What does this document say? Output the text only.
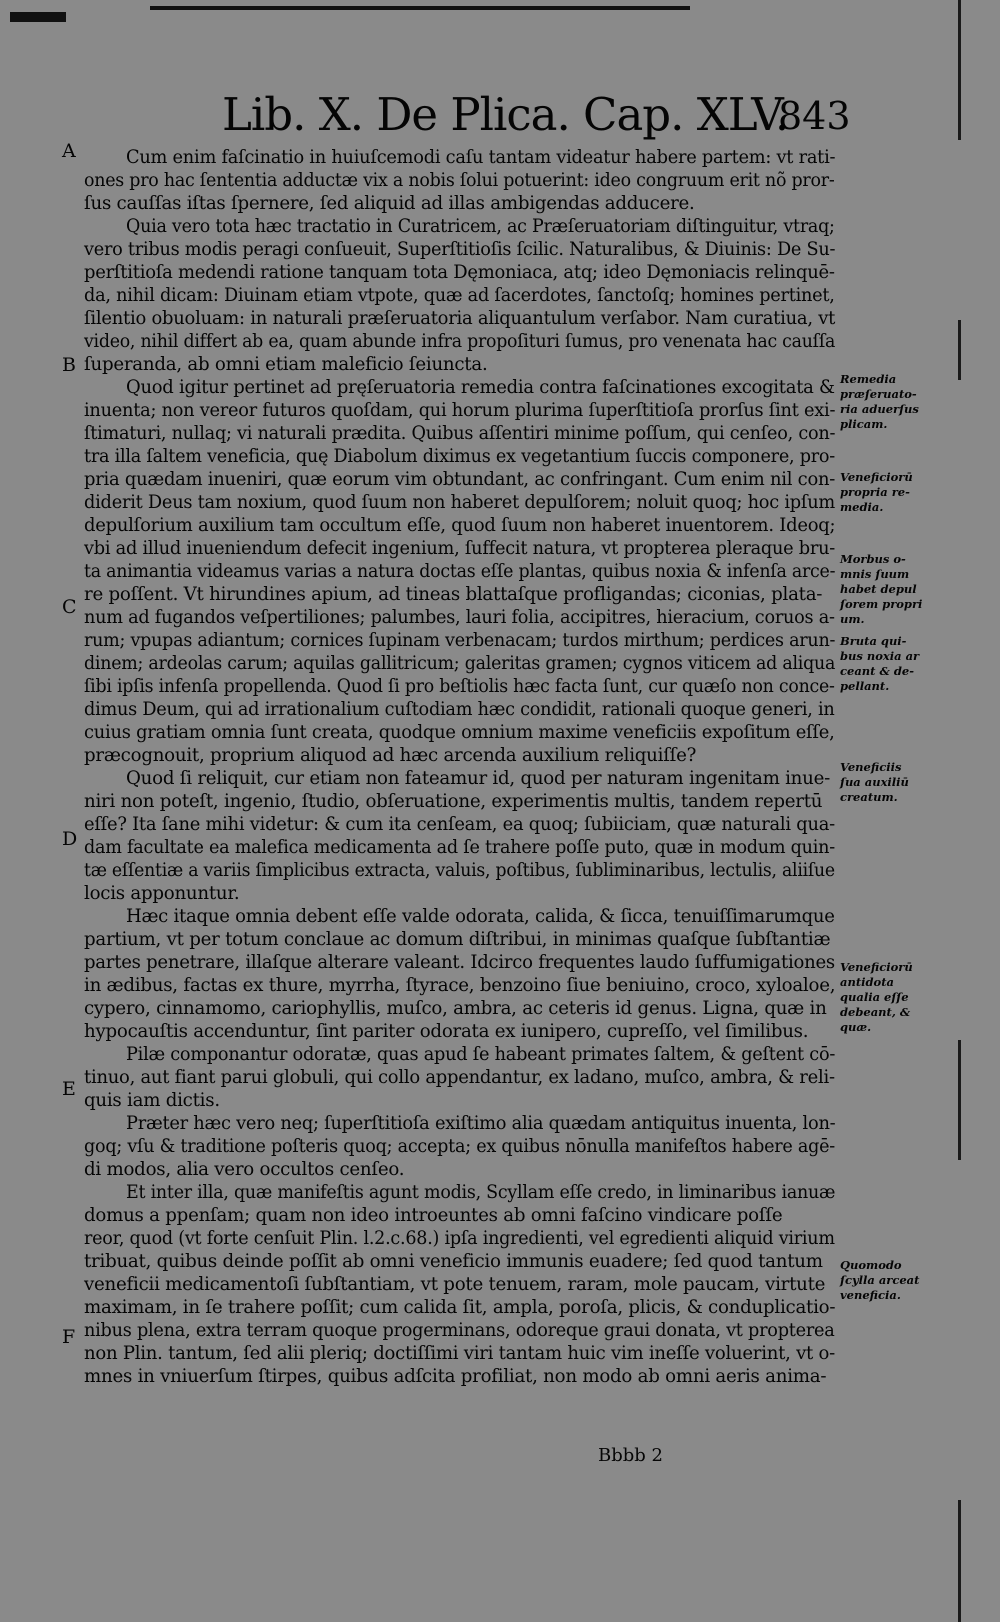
Lib. X. De Plica. Cap. XLV.
843
A
B
C
D
E
F
Cum enim faſcinatio in huiuſcemodi caſu tantam videatur habere partem: vt rati-
ones pro hac ſententia adductæ vix a nobis ſolui potuerint: ideo congruum erit nõ pror-
ſus cauſſas iſtas ſpernere, ſed aliquid ad illas ambigendas adducere.
Quia vero tota hæc tractatio in Curatricem, ac Præſeruatoriam diſtinguitur, vtraq;
vero tribus modis peragi conſueuit, Superſtitioſis ſcilic. Naturalibus, & Diuinis: De Su-
perſtitioſa medendi ratione tanquam tota Dęmoniaca, atq; ideo Dęmoniacis relinquē-
da, nihil dicam: Diuinam etiam vtpote, quæ ad ſacerdotes, ſanctoſq; homines pertinet,
ſilentio obuoluam: in naturali præſeruatoria aliquantulum verſabor. Nam curatiua, vt
video, nihil differt ab ea, quam abunde infra propoſituri ſumus, pro venenata hac cauſſa
ſuperanda, ab omni etiam maleficio ſeiuncta.
Quod igitur pertinet ad pręſeruatoria remedia contra faſcinationes excogitata &
inuenta; non vereor futuros quoſdam, qui horum plurima ſuperſtitioſa prorſus ſint exi-
ſtimaturi, nullaq; vi naturali prædita. Quibus aſſentiri minime poſſum, qui cenſeo, con-
tra illa ſaltem veneficia, quę Diabolum diximus ex vegetantium ſuccis componere, pro-
pria quædam inueniri, quæ eorum vim obtundant, ac confringant. Cum enim nil con-
diderit Deus tam noxium, quod ſuum non haberet depulſorem; noluit quoq; hoc ipſum
depulſorium auxilium tam occultum eſſe, quod ſuum non haberet inuentorem. Ideoq;
vbi ad illud inueniendum defecit ingenium, ſuffecit natura, vt propterea pleraque bru-
ta animantia videamus varias a natura doctas eſſe plantas, quibus noxia & infenſa arce-
re poſſent. Vt hirundines apium, ad tineas blattaſque profligandas; ciconias, plata-
num ad fugandos veſpertiliones; palumbes, lauri folia, accipitres, hieracium, coruos a-
rum; vpupas adiantum; cornices ſupinam verbenacam; turdos mirthum; perdices arun-
dinem; ardeolas carum; aquilas gallitricum; galeritas gramen; cygnos viticem ad aliqua
ſibi ipſis infenſa propellenda. Quod ſi pro beſtiolis hæc facta ſunt, cur quæſo non conce-
dimus Deum, qui ad irrationalium cuſtodiam hæc condidit, rationali quoque generi, in
cuius gratiam omnia ſunt creata, quodque omnium maxime veneficiis expoſitum eſſe,
præcognouit, proprium aliquod ad hæc arcenda auxilium reliquiſſe?
Quod ſi reliquit, cur etiam non fateamur id, quod per naturam ingenitam inue-
niri non poteſt, ingenio, ſtudio, obſeruatione, experimentis multis, tandem repertū
eſſe? Ita ſane mihi videtur: & cum ita cenſeam, ea quoq; ſubiiciam, quæ naturali qua-
dam facultate ea malefica medicamenta ad ſe trahere poſſe puto, quæ in modum quin-
tæ eſſentiæ a variis ſimplicibus extracta, valuis, poſtibus, ſubliminaribus, lectulis, aliiſue
locis apponuntur.
Hæc itaque omnia debent eſſe valde odorata, calida, & ſicca, tenuiſſimarumque
partium, vt per totum conclaue ac domum diſtribui, in minimas quaſque ſubſtantiæ
partes penetrare, illaſque alterare valeant. Idcirco frequentes laudo ſuffumigationes
in ædibus, factas ex thure, myrrha, ſtyrace, benzoino ſiue beniuino, croco, xyloaloe,
cypero, cinnamomo, cariophyllis, muſco, ambra, ac ceteris id genus. Ligna, quæ in
hypocauſtis accenduntur, ſint pariter odorata ex iunipero, cupreſſo, vel ſimilibus.
Pilæ componantur odoratæ, quas apud ſe habeant primates ſaltem, & geſtent cō-
tinuo, aut fiant parui globuli, qui collo appendantur, ex ladano, muſco, ambra, & reli-
quis iam dictis.
Præter hæc vero neq; ſuperſtitioſa exiſtimo alia quædam antiquitus inuenta, lon-
goq; vſu & traditione poſteris quoq; accepta; ex quibus nōnulla manifeſtos habere agē-
di modos, alia vero occultos cenſeo.
Et inter illa, quæ manifeſtis agunt modis, Scyllam eſſe credo, in liminaribus ianuæ
domus a ppenſam; quam non ideo introeuntes ab omni faſcino vindicare poſſe
reor, quod (vt forte cenſuit Plin. l.2.c.68.) ipſa ingredienti, vel egredienti aliquid virium
tribuat, quibus deinde poſſit ab omni veneficio immunis euadere; ſed quod tantum
veneficii medicamentoſi ſubſtantiam, vt pote tenuem, raram, mole paucam, virtute
maximam, in ſe trahere poſſit; cum calida ſit, ampla, poroſa, plicis, & conduplicatio-
nibus plena, extra terram quoque progerminans, odoreque graui donata, vt propterea
non Plin. tantum, ſed alii pleriq; doctiſſimi viri tantam huic vim ineſſe voluerint, vt o-
mnes in vniuerſum ſtirpes, quibus adſcita profiliat, non modo ab omni aeris anima-
Remedia
præſeruato-
ria aduerſus
plicam.
Veneficiorū
propria re-
media.
Morbus o-
mnis ſuum
habet depul
ſorem propri
um.
Bruta qui-
bus noxia ar
ceant & de-
pellant.
Veneficiis
ſua auxiliū
creatum.
Veneficiorū
antidota
qualia eſſe
debeant, &
quæ.
Quomodo
ſcylla arceat
veneficia.
Bbbb 2
